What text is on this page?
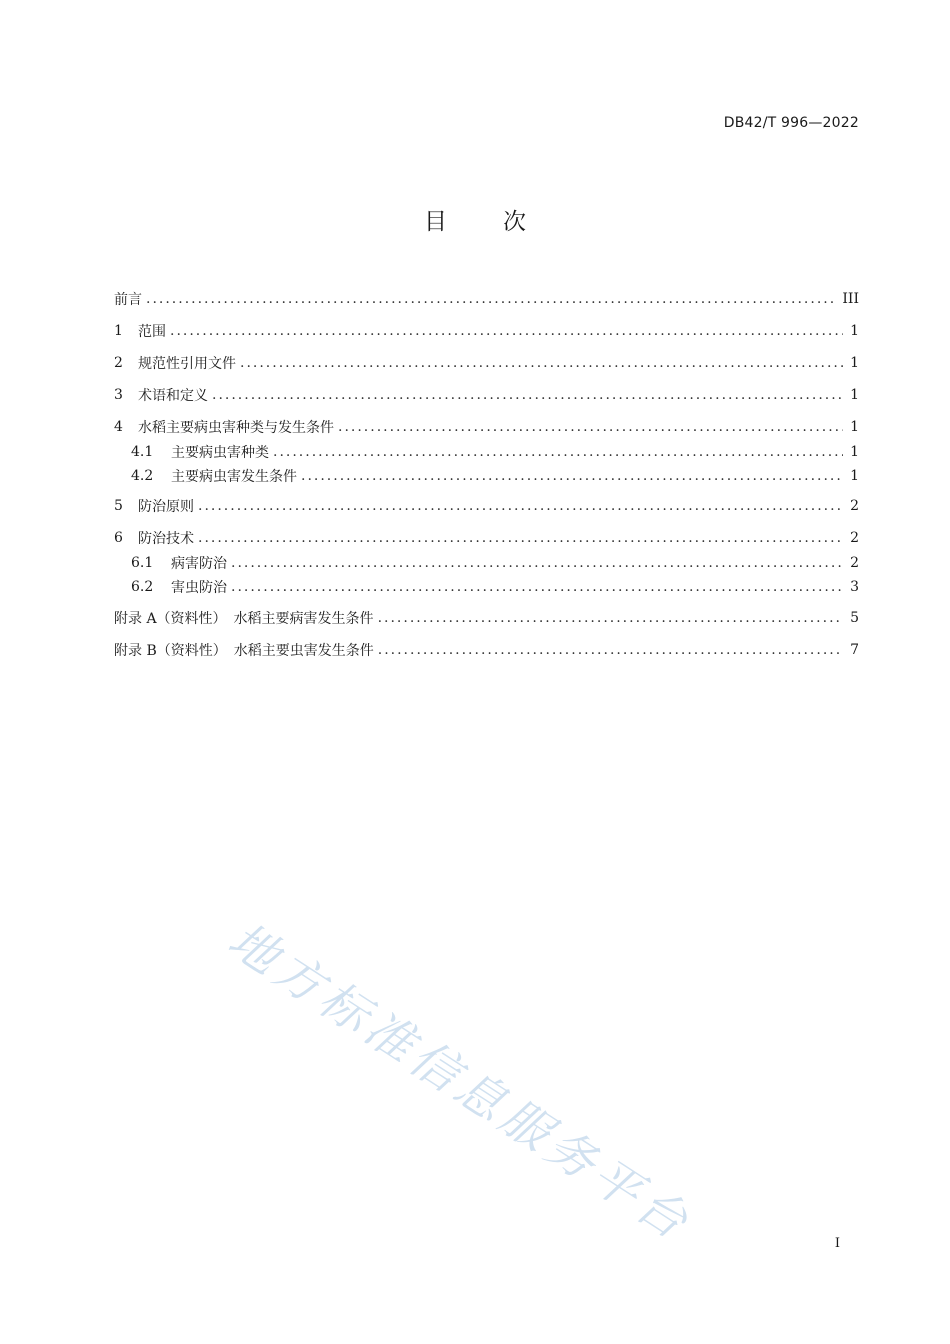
DB42/T 996—2022
目 次
前言 .....	III
1	范围 .....	1
2	规范性引用文件 .....	1
3	术语和定义 .....	1
4	水稻主要病虫害种类与发生条件 .....	1
4.1	主要病虫害种类 .....	1
4.2	主要病虫害发生条件 .....	1
5	防治原则 .....	2
6	防治技术 .....	2
6.1	病害防治 .....	2
6.2	害虫防治 .....	3
附录 A（资料性）　水稻主要病害发生条件 .....	5
附录 B（资料性）　水稻主要虫害发生条件 .....	7
地方标准信息服务平台	I
